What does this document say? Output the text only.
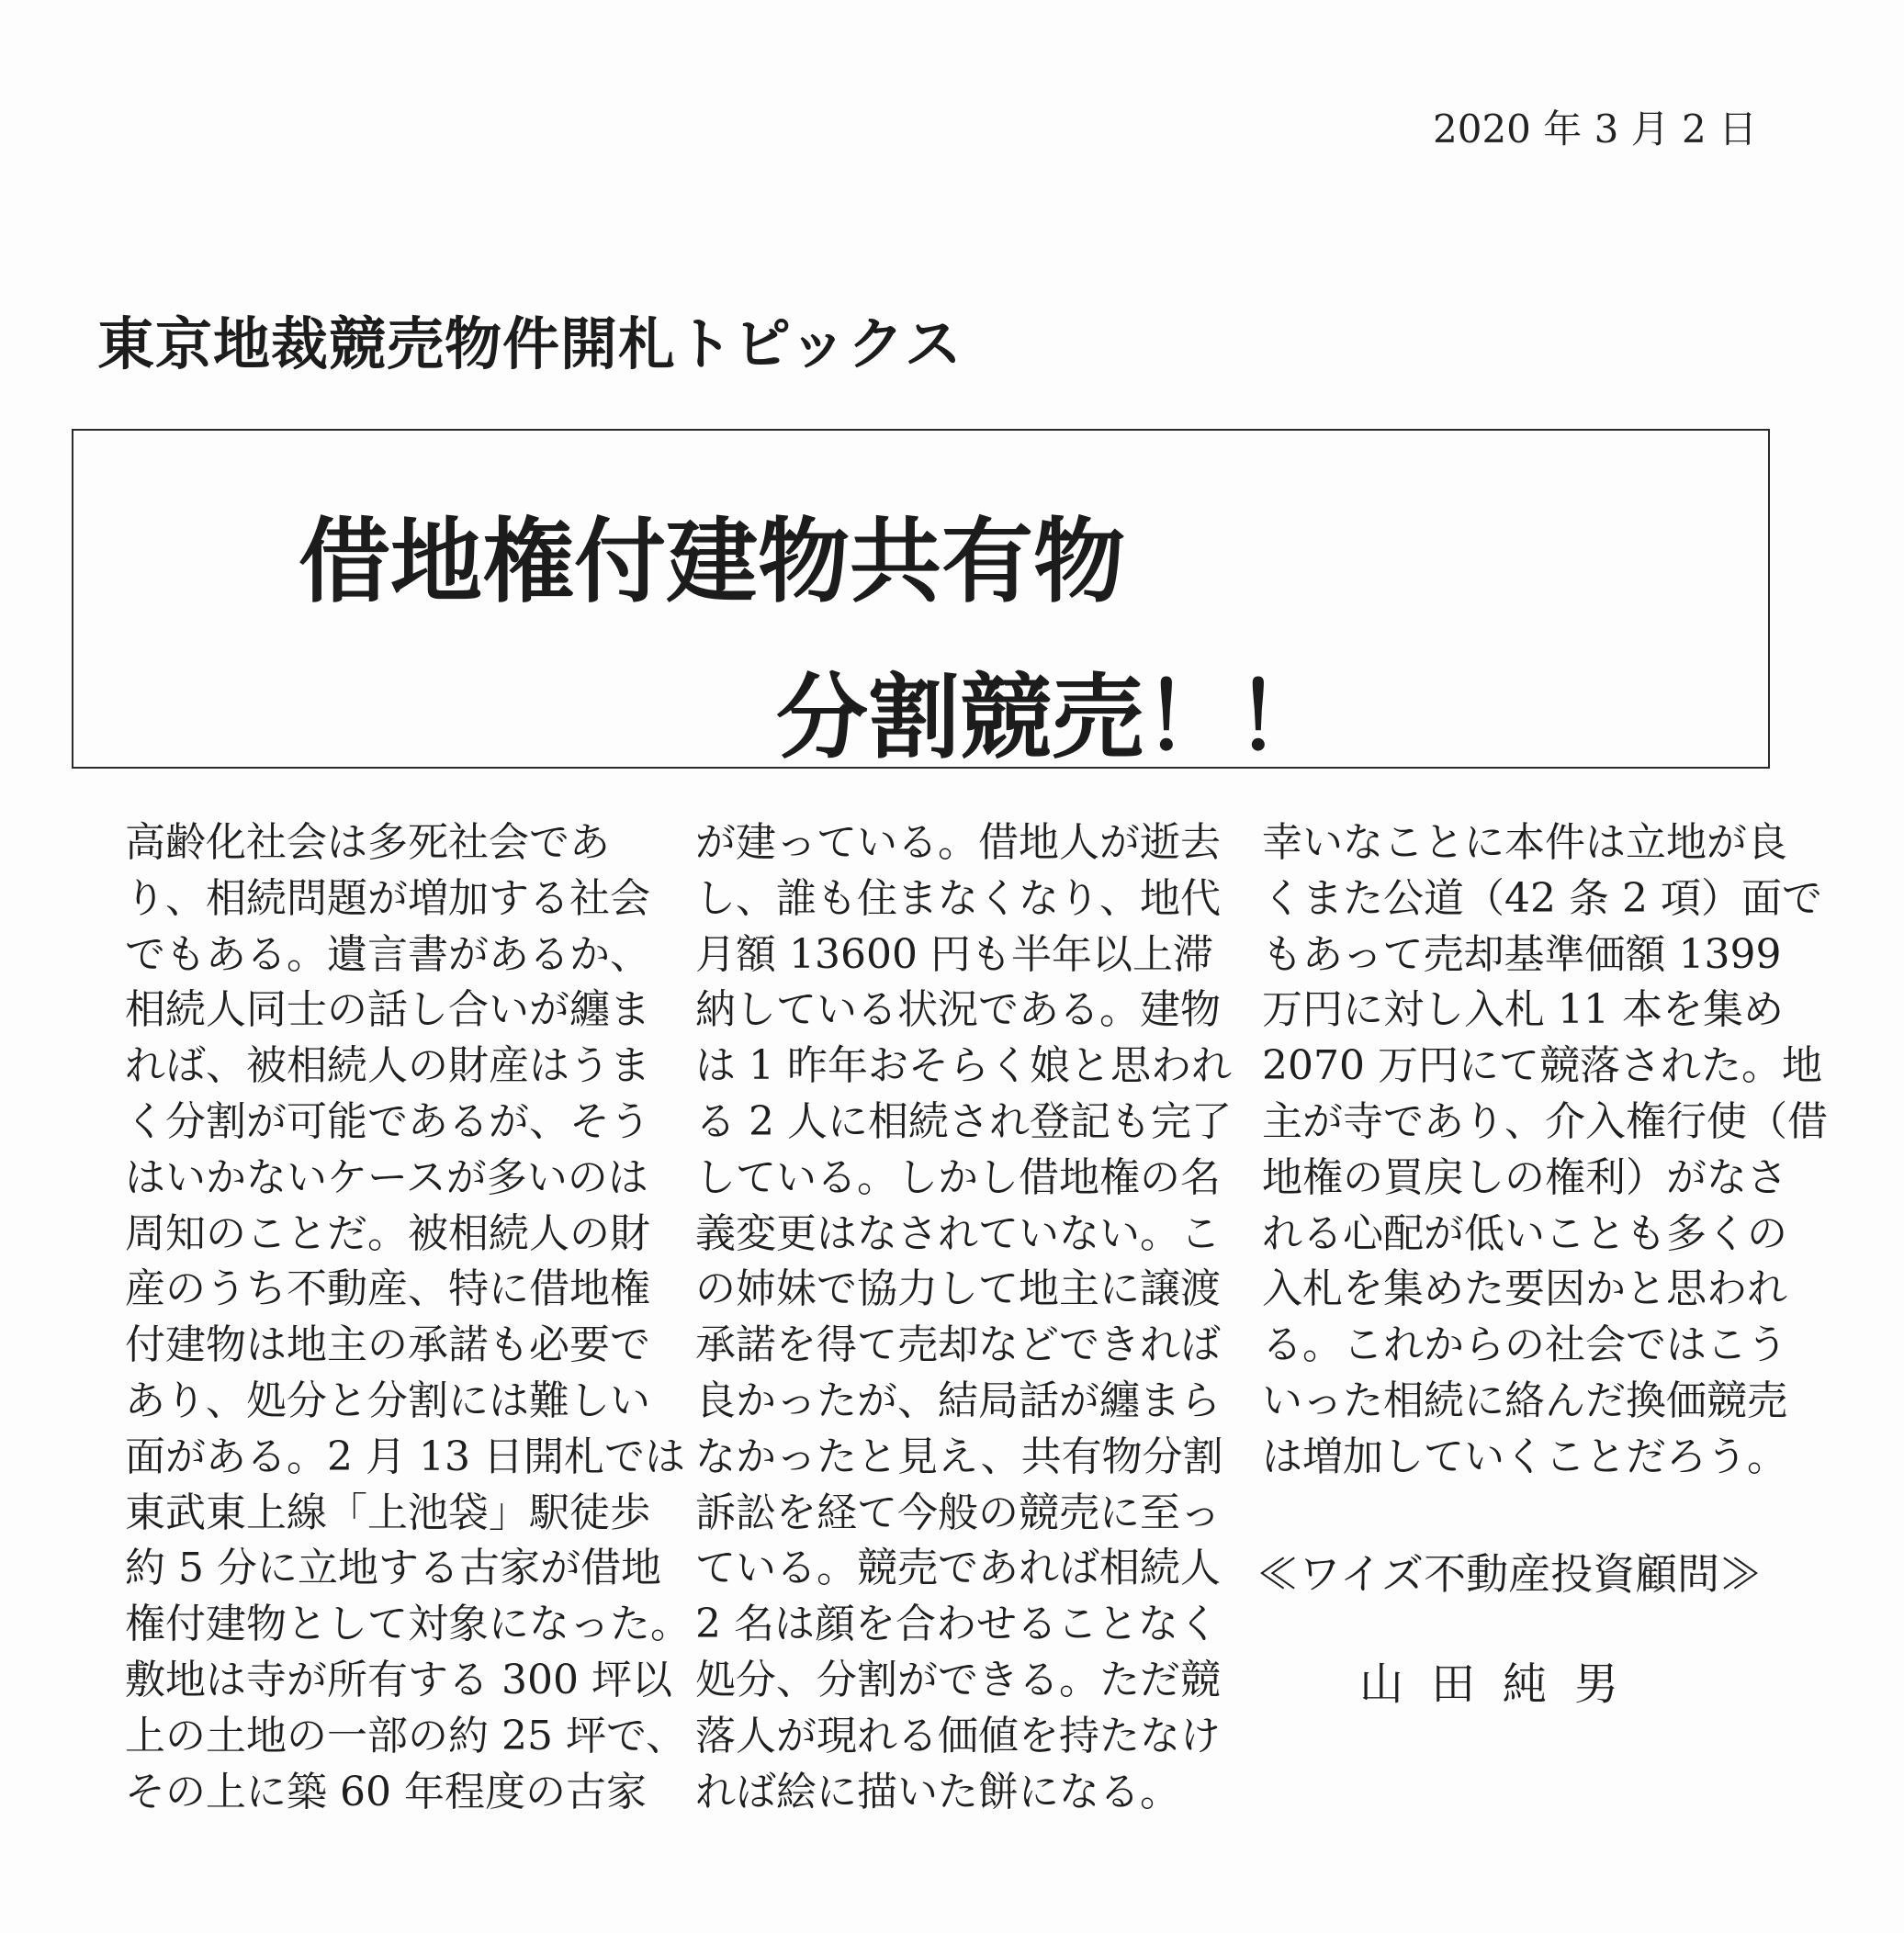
2020 年 3 月 2 日
東京地裁競売物件開札トピックス
借地権付建物共有物
分割競売！！
高齢化社会は多死社会であ
り、相続問題が増加する社会
でもある。遺言書があるか、
相続人同士の話し合いが纏ま
れば、被相続人の財産はうま
く分割が可能であるが、そう
はいかないケースが多いのは
周知のことだ。被相続人の財
産のうち不動産、特に借地権
付建物は地主の承諾も必要で
あり、処分と分割には難しい
面がある。2 月 13 日開札では
東武東上線「上池袋」駅徒歩
約 5 分に立地する古家が借地
権付建物として対象になった。
敷地は寺が所有する 300 坪以
上の土地の一部の約 25 坪で、
その上に築 60 年程度の古家
が建っている。借地人が逝去
し、誰も住まなくなり、地代
月額 13600 円も半年以上滞
納している状況である。建物
は 1 昨年おそらく娘と思われ
る 2 人に相続され登記も完了
している。しかし借地権の名
義変更はなされていない。こ
の姉妹で協力して地主に譲渡
承諾を得て売却などできれば
良かったが、結局話が纏まら
なかったと見え、共有物分割
訴訟を経て今般の競売に至っ
ている。競売であれば相続人
2 名は顔を合わせることなく
処分、分割ができる。ただ競
落人が現れる価値を持たなけ
れば絵に描いた餅になる。
幸いなことに本件は立地が良
くまた公道（42 条 2 項）面で
もあって売却基準価額 1399
万円に対し入札 11 本を集め
2070 万円にて競落された。地
主が寺であり、介入権行使（借
地権の買戻しの権利）がなさ
れる心配が低いことも多くの
入札を集めた要因かと思われ
る。これからの社会ではこう
いった相続に絡んだ換価競売
は増加していくことだろう。
≪ワイズ不動産投資顧問≫
山田純男
